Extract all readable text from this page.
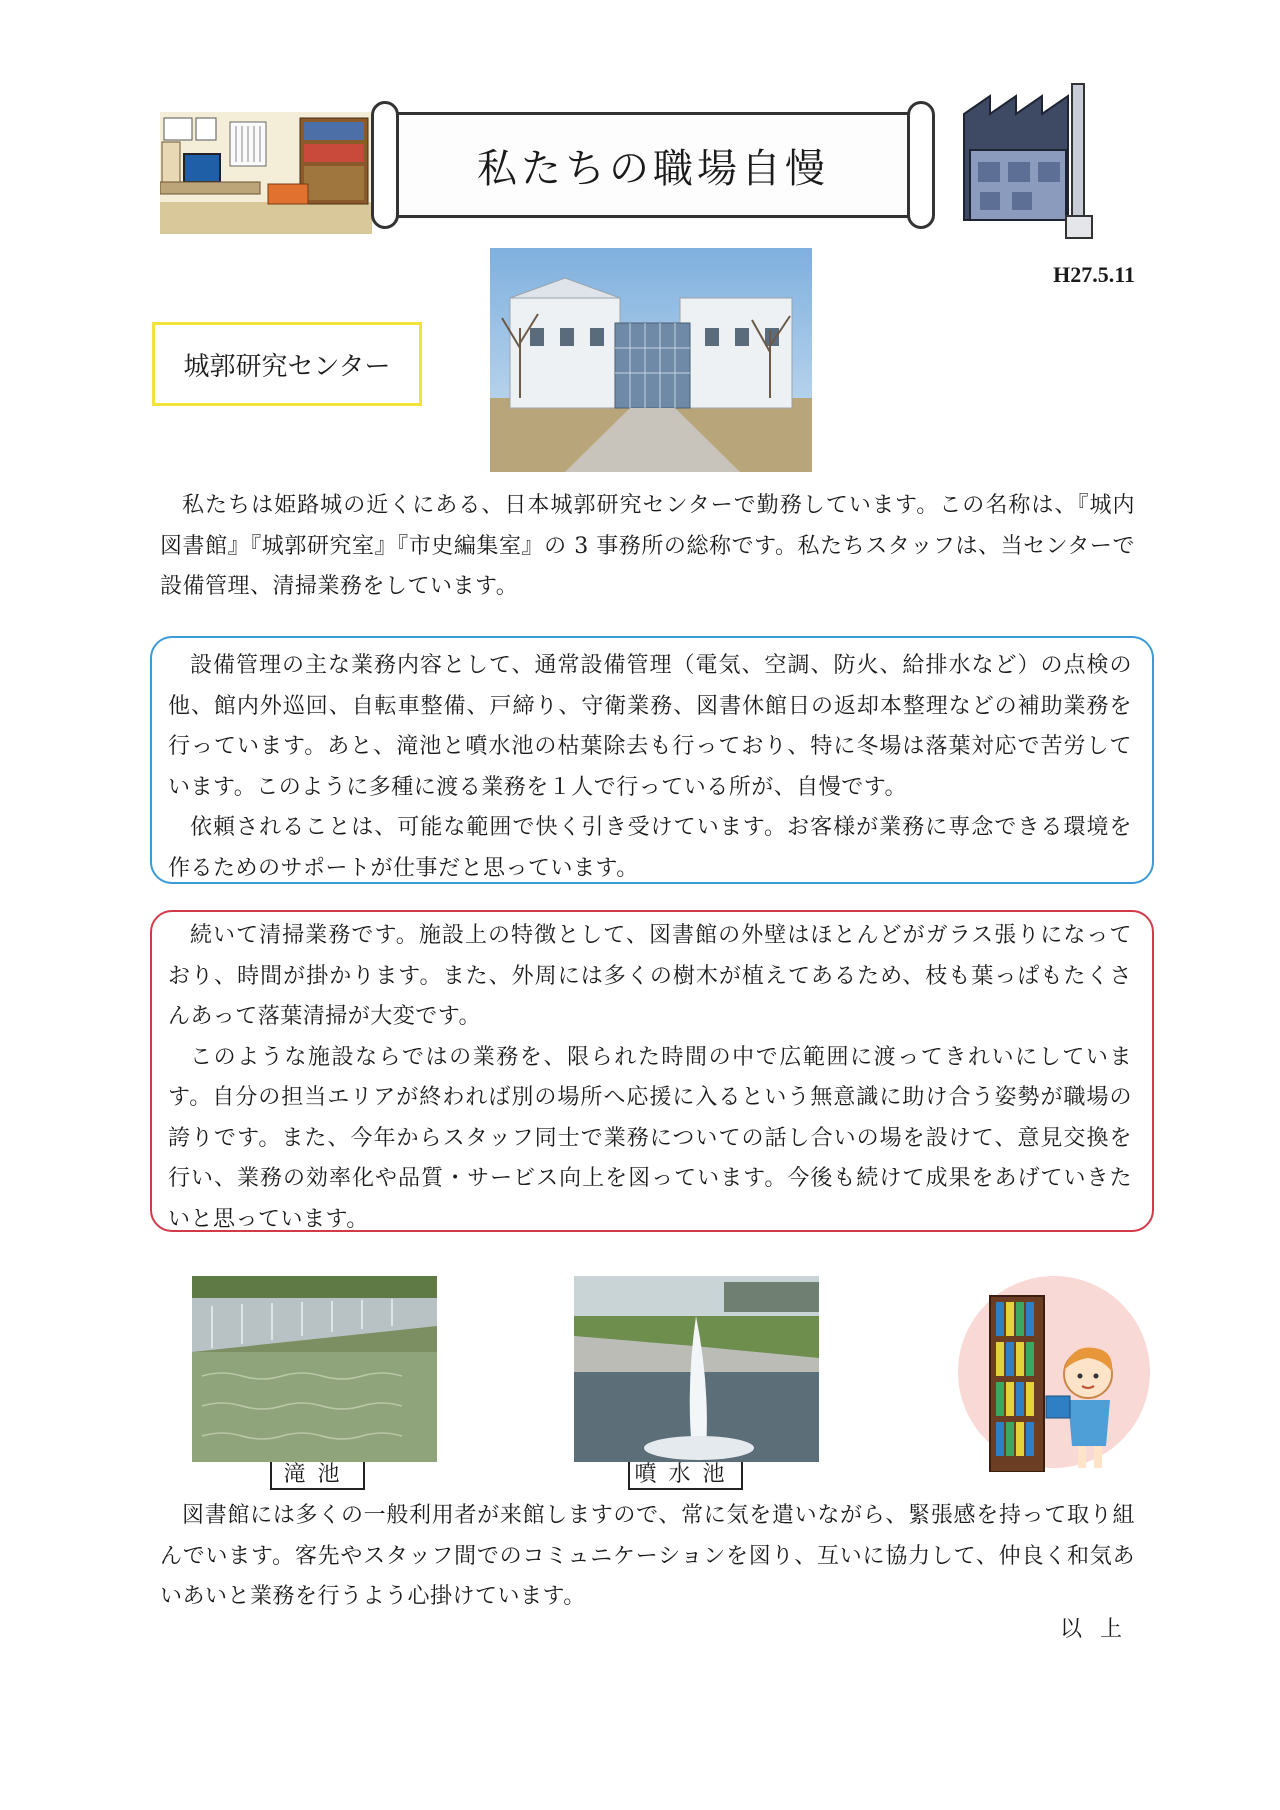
私たちの職場自慢
H27.5.11
城郭研究センター

私たちは姫路城の近くにある、日本城郭研究センターで勤務しています。この名称は、『城内図書館』『城郭研究室』『市史編集室』の 3 事務所の総称です。私たちスタッフは、当センターで設備管理、清掃業務をしています。

設備管理の主な業務内容として、通常設備管理（電気、空調、防火、給排水など）の点検の他、館内外巡回、自転車整備、戸締り、守衛業務、図書休館日の返却本整理などの補助業務を行っています。あと、滝池と噴水池の枯葉除去も行っており、特に冬場は落葉対応で苦労しています。このように多種に渡る業務を１人で行っている所が、自慢です。

依頼されることは、可能な範囲で快く引き受けています。お客様が業務に専念できる環境を作るためのサポートが仕事だと思っています。

続いて清掃業務です。施設上の特徴として、図書館の外壁はほとんどがガラス張りになっており、時間が掛かります。また、外周には多くの樹木が植えてあるため、枝も葉っぱもたくさんあって落葉清掃が大変です。

このような施設ならではの業務を、限られた時間の中で広範囲に渡ってきれいにしています。自分の担当エリアが終われば別の場所へ応援に入るという無意識に助け合う姿勢が職場の誇りです。また、今年からスタッフ同士で業務についての話し合いの場を設けて、意見交換を行い、業務の効率化や品質・サービス向上を図っています。今後も続けて成果をあげていきたいと思っています。

滝池	噴水池

図書館には多くの一般利用者が来館しますので、常に気を遣いながら、緊張感を持って取り組んでいます。客先やスタッフ間でのコミュニケーションを図り、互いに協力して、仲良く和気あいあいと業務を行うよう心掛けています。

以上
